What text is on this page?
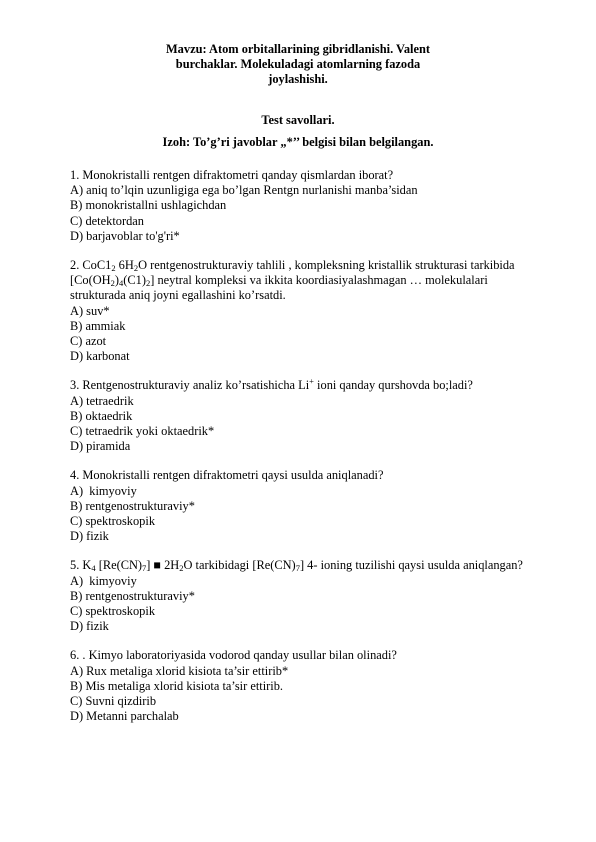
Mavzu: Atom orbitallarining gibridlanishi. Valent
burchaklar. Molekuladagi atomlarning fazoda
joylashishi.
Test savollari.
Izoh: To’g’ri javoblar „*’’ belgisi bilan belgilangan.
1. Monokristalli rentgen difraktometri qanday qismlardan iborat?
A) aniq to’lqin uzunligiga ega bo’lgan Rentgn nurlanishi manba’sidan
B) monokristallni ushlagichdan
C) detektordan
D) barjavoblar to'g'ri*
2. $CoC1_2$ $6H_2O$ rentgenostrukturaviy tahlili , kompleksning kristallik strukturasi tarkibida $[Co(OH_2)_4(C1)_2]$ neytral kompleksi va ikkita koordiasiyalashmagan … molekulalari strukturada aniq joyni egallashini ko’rsatdi.
A) suv*
B) ammiak
C) azot
D) karbonat
3. Rentgenostrukturaviy analiz ko’rsatishicha Li+ ioni qanday qurshovda bo;ladi?
A) tetraedrik
B) oktaedrik
C) tetraedrik yoki oktaedrik*
D) piramida
4. Monokristalli rentgen difraktometri qaysi usulda aniqlanadi?
A)  kimyoviy
B) rentgenostrukturaviy*
C) spektroskopik
D) fizik
5. $K_4$ $[Re(CN)_7]$ ■ $2H_2O$ tarkibidagi $[Re(CN)_7]$ 4- ioning tuzilishi qaysi usulda aniqlangan?
A)  kimyoviy
B) rentgenostrukturaviy*
C) spektroskopik
D) fizik
6. . Kimyo laboratoriyasida vodorod qanday usullar bilan olinadi?
A) Rux metaliga xlorid kisiota ta’sir ettirib*
B) Mis metaliga xlorid kisiota ta’sir ettirib.
C) Suvni qizdirib
D) Metanni parchalab
